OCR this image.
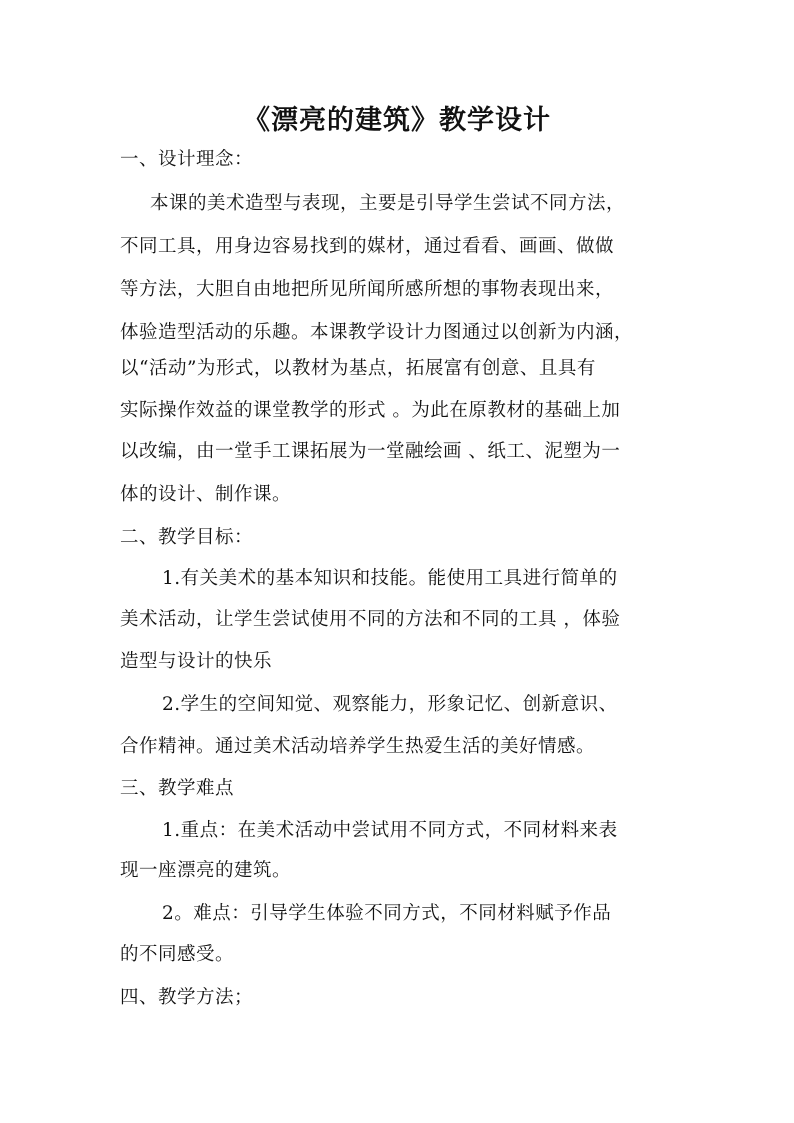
《漂亮的建筑》教学设计
一、设计理念：
本课的美术造型与表现，主要是引导学生尝试不同方法，
不同工具，用身边容易找到的媒材，通过看看、画画、做做
等方法，大胆自由地把所见所闻所感所想的事物表现出来，
体验造型活动的乐趣。本课教学设计力图通过以创新为内涵，
以“活动”为形式，以教材为基点，拓展富有创意、且具有
实际操作效益的课堂教学的形式 。为此在原教材的基础上加
以改编，由一堂手工课拓展为一堂融绘画 、纸工、泥塑为一
体的设计、制作课。
二、教学目标：
1.有关美术的基本知识和技能。能使用工具进行简单的
美术活动，让学生尝试使用不同的方法和不同的工具 ，体验
造型与设计的快乐
2.学生的空间知觉、观察能力，形象记忆、创新意识、
合作精神。通过美术活动培养学生热爱生活的美好情感。
三、教学难点
1.重点：在美术活动中尝试用不同方式，不同材料来表
现一座漂亮的建筑。
2。难点：引导学生体验不同方式，不同材料赋予作品
的不同感受。
四、教学方法；
